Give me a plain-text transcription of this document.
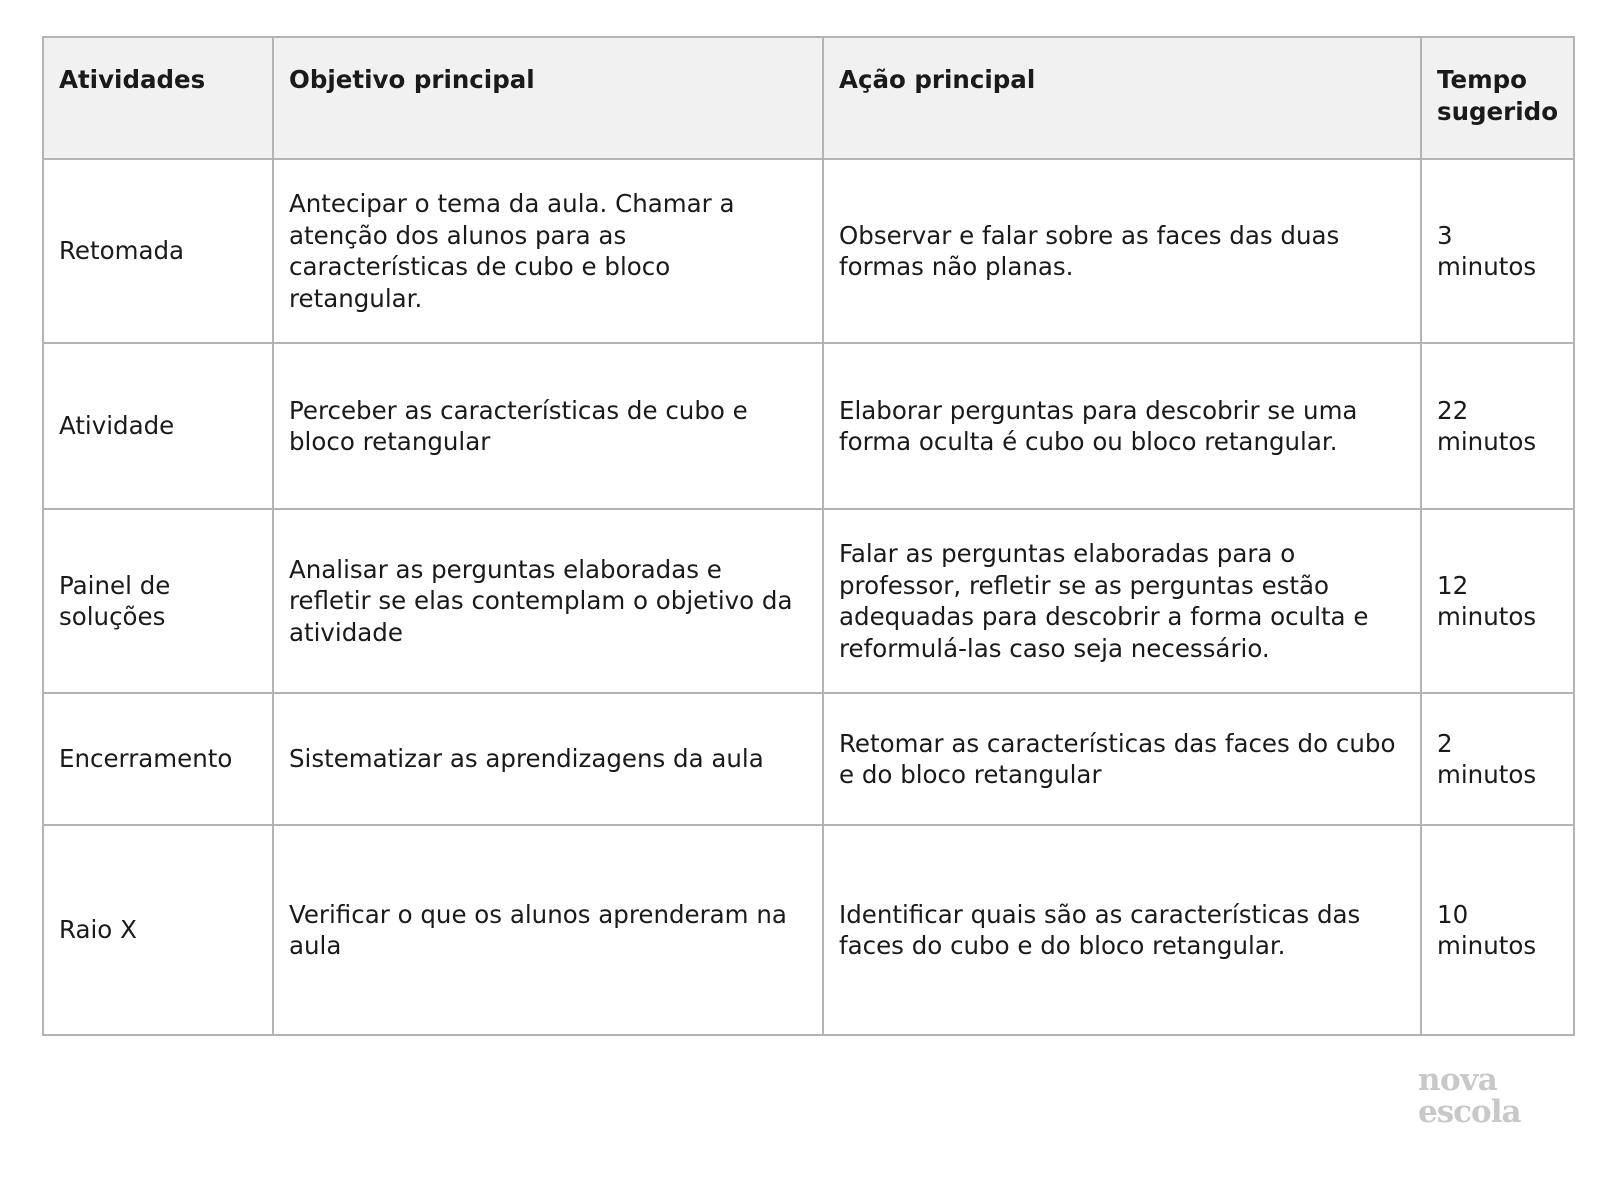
Atividades	Objetivo principal	Ação principal	Tempo sugerido
Retomada	Antecipar o tema da aula. Chamar a atenção dos alunos para as características de cubo e bloco retangular.	Observar e falar sobre as faces das duas formas não planas.	3 minutos
Atividade	Perceber as características de cubo e bloco retangular	Elaborar perguntas para descobrir se uma forma oculta é cubo ou bloco retangular.	22 minutos
Painel de soluções	Analisar as perguntas elaboradas e refletir se elas contemplam o objetivo da atividade	Falar as perguntas elaboradas para o professor, refletir se as perguntas estão adequadas para descobrir a forma oculta e reformulá-las caso seja necessário.	12 minutos
Encerramento	Sistematizar as aprendizagens da aula	Retomar as características das faces do cubo e do bloco retangular	2 minutos
Raio X	Verificar o que os alunos aprenderam na aula	Identificar quais são as características das faces do cubo e do bloco retangular.	10 minutos
nova
escola
